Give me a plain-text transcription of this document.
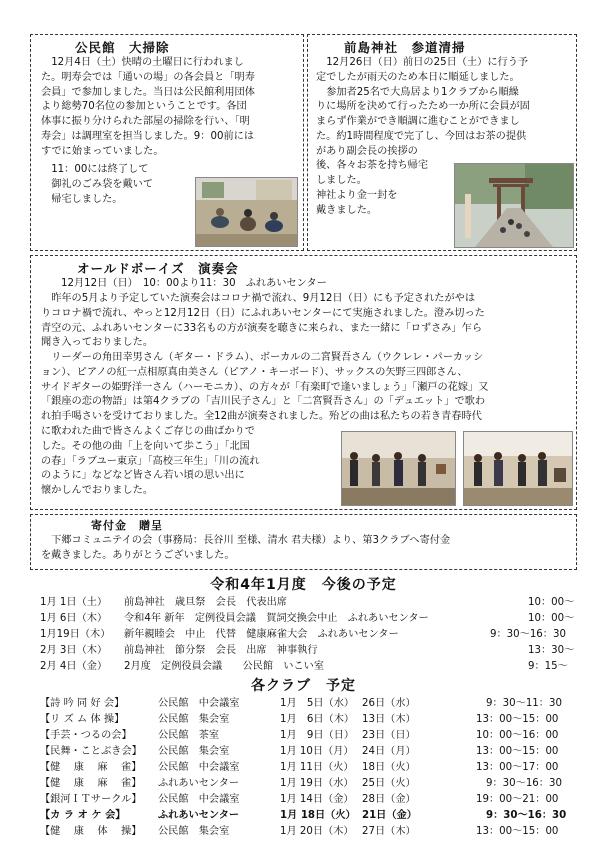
公民館　大掃除
12月4日（土）快晴の土曜日に行われまし
た。明寿会では「通いの場」の各会員と「明寿
会員」で参加しました。当日は公民館利用団体
より総勢70名位の参加ということです。各団
体事に振り分けられた部屋の掃除を行い、「明
寿会」は調理室を担当しました。9：00前には
すでに始まっていました。
11：00には終了して
御礼のごみ袋を戴いて
帰宅しました。
前島神社　参道清掃
12月26日（日）前日の25日（土）に行う予
定でしたが雨天のため本日に順延しました。
参加者25名で大鳥居より1クラブから順繰
りに場所を決めて行ったため一か所に会員が固
まらず作業ができ順調に進むことができまし
た。約1時間程度で完了し、今回はお茶の提供
があり副会長の挨拶の
後、各々お茶を持ち帰宅
しました。
神社より金一封を
戴きました。
オールドボーイズ　演奏会
12月12日（日）　10：00より11：30　ふれあいセンター
昨年の5月より予定していた演奏会はコロナ禍で流れ、9月12日（日）にも予定されたがやは
りコロナ禍で流れ、やっと12月12日（日）にふれあいセンターにて実施されました。澄み切った
青空の元、ふれあいセンターに33名もの方が演奏を聴きに来られ、また一緒に「ロずさみ」乍ら
聞き入っておりました。
リーダーの角田幸男さん（ギター・ドラム）、ボーカルの二宮賢吾さん（ウクレレ・パーカッシ
ョン）、ピアノの紅一点相原真由美さん（ピアノ・キーボード）、サックスの矢野三四郎さん、
サイドギターの姫野洋一さん（ハーモニカ）、の方々が「有楽町で逢いましょう」「瀬戸の花嫁」又
「銀座の恋の物語」は第4クラブの「吉川民子さん」と「二宮賢吾さん」の「デュエット」で歌わ
れ拍手喝さいを受けておりました。全12曲が演奏されました。殆どの曲は私たちの若き青春時代
に歌われた曲で皆さんよくご存じの曲ばかりで
した。その他の曲「上を向いて歩こう」「北国
の春」「ラブユー東京」「高校三年生」「川の流れ
のように」などなど皆さん若い頃の思い出に
懐かしんでおりました。
寄付金　贈呈
下郷コミュニテイの会（事務局：長谷川 至様、清水 君夫様）より、第3クラブへ寄付金
を戴きました。ありがとうございました。
令和4年1月度　今後の予定
1月 1日（土） 前島神社　歳旦祭　会長　代表出席	10：00～
1月 6日（木） 令和4年 新年　定例役員会議　賀詞交換会中止　ふれあいセンター	10：00～
1月19日（木） 新年親睦会　中止　代替　健康麻雀大会　ふれあいセンター	9：30～16：30
2月 3日（木） 前島神社　節分祭　会長　出席　神事執行	13：30～
2月 4日（金） 2月度　定例役員会議　　公民館　いこい室	9：15～
各クラブ　予定
【詩 吟 同 好 会】	公民館　中会議室	1月　5日（水） 26日（水）	9：30～11：30
【リ ズ ム 体 操】	公民館　集会室	1月　6日（木） 13日（木）	13：00～15：00
【手芸・つるの会】	公民館　茶室	1月　9日（日） 23日（日）	10：00～16：00
【民舞・ことぶき会】 公民館　集会室	1月 10日（月） 24日（月）	13：00～15：00
【健　 康　 麻　 雀】 公民館　中会議室	1月 11日（火） 18日（火）	13：00～17：00
【健　 康　 麻　 雀】 ふれあいセンター	1月 19日（水） 25日（火）	9：30～16：30
【銀河ＩＴサークル】 公民館　中会議室	1月 14日（金） 28日（金）	19：00～21：00
【カ ラ オ ケ 会】	ふれあいセンター	1月 18日（火） 21日（金）	9：30～16：30
【健　 康　 体　 操】 公民館　集会室	1月 20日（木） 27日（木）	13：00～15：00
